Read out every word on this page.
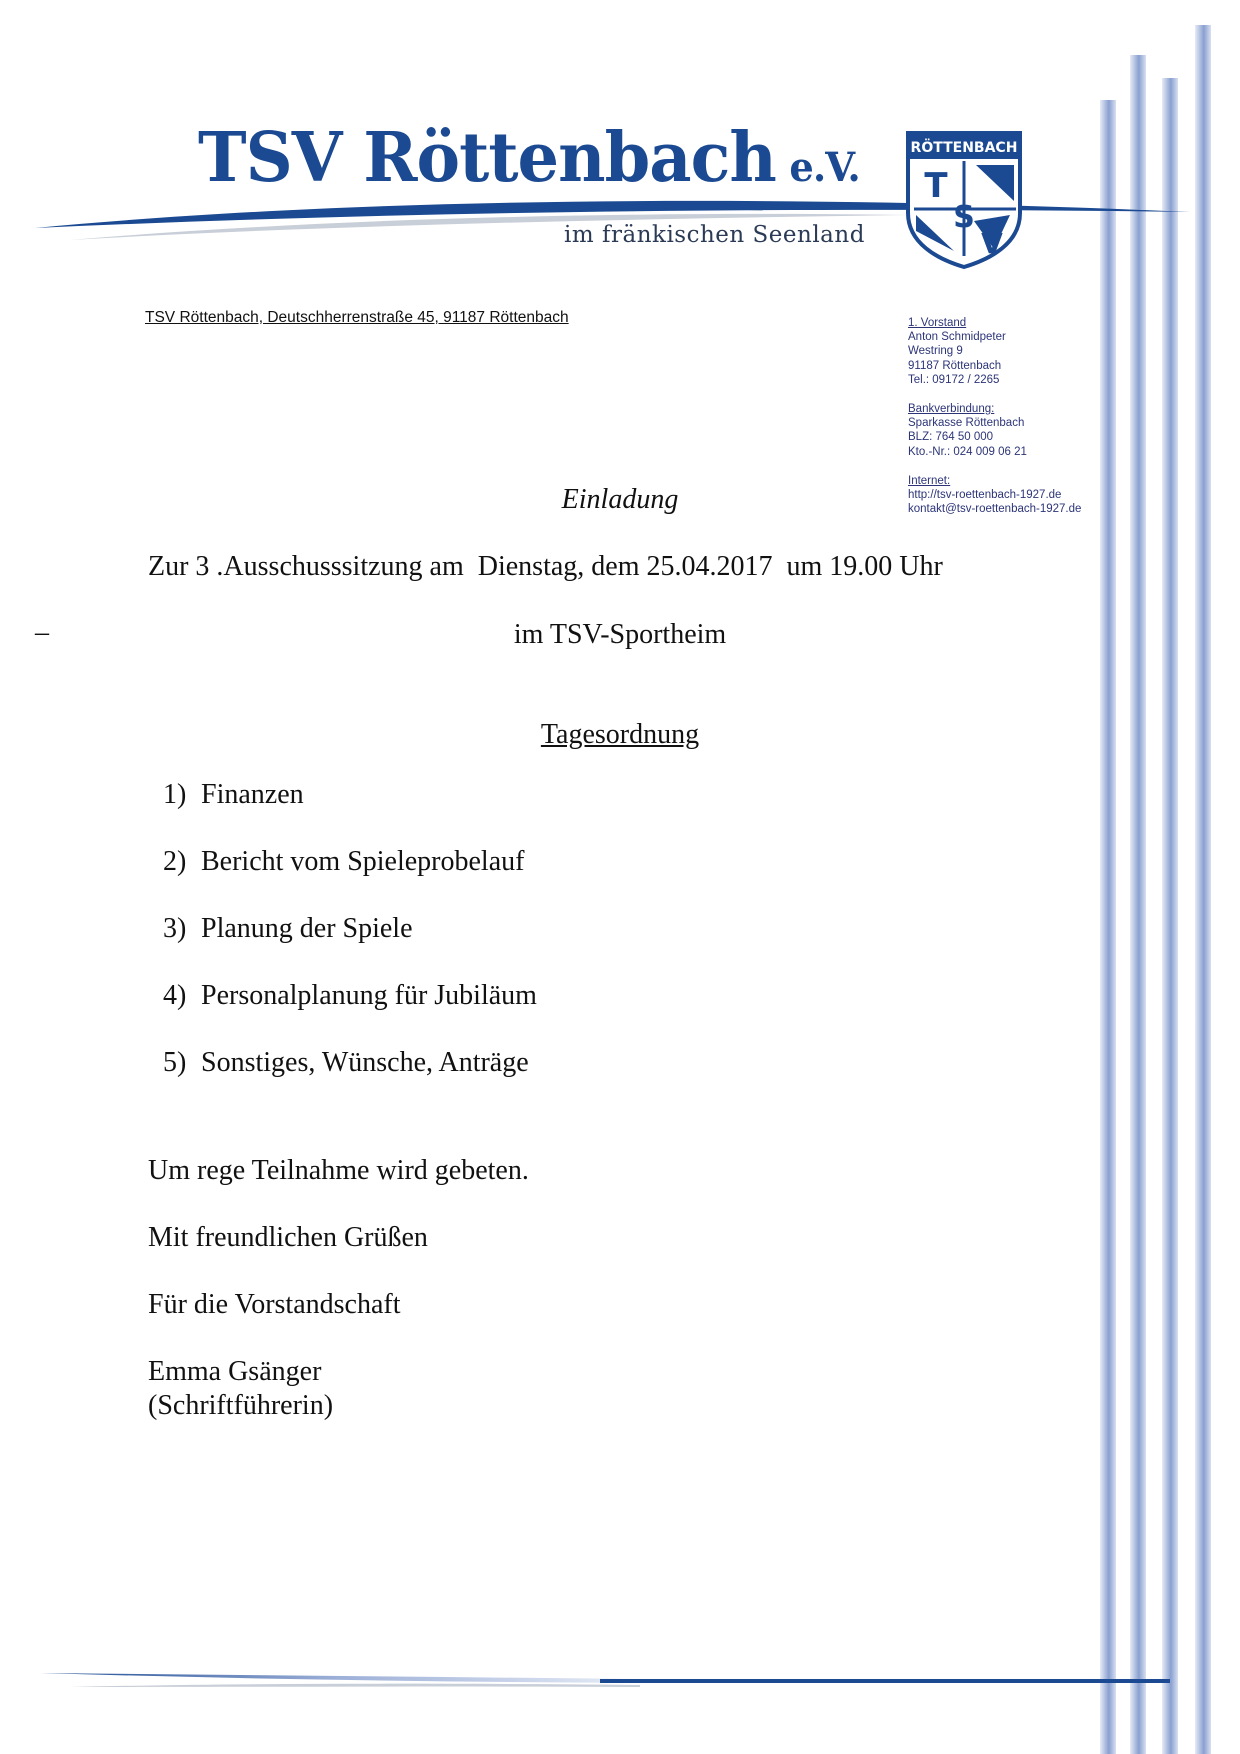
TSV Röttenbach e.V.
im fränkischen Seenland
RÖTTENBACH
T
S
V
TSV Röttenbach, Deutschherrenstraße 45, 91187 Röttenbach	1. Vorstand
Anton Schmidpeter
Westring 9
91187 Röttenbach
Tel.: 09172 / 2265
Bankverbindung:
Sparkasse Röttenbach
BLZ: 764 50 000
Kto.-Nr.: 024 009 06 21
Internet:
http://tsv-roettenbach-1927.de
kontakt@tsv-roettenbach-1927.de
Einladung
Zur 3 .Ausschusssitzung am  Dienstag, dem 25.04.2017  um 19.00 Uhr
–	im TSV-Sportheim
Tagesordnung
1) Finanzen
2) Bericht vom Spieleprobelauf
3) Planung der Spiele
4) Personalplanung für Jubiläum
5) Sonstiges, Wünsche, Anträge
Um rege Teilnahme wird gebeten.
Mit freundlichen Grüßen
Für die Vorstandschaft
Emma Gsänger
(Schriftführerin)
